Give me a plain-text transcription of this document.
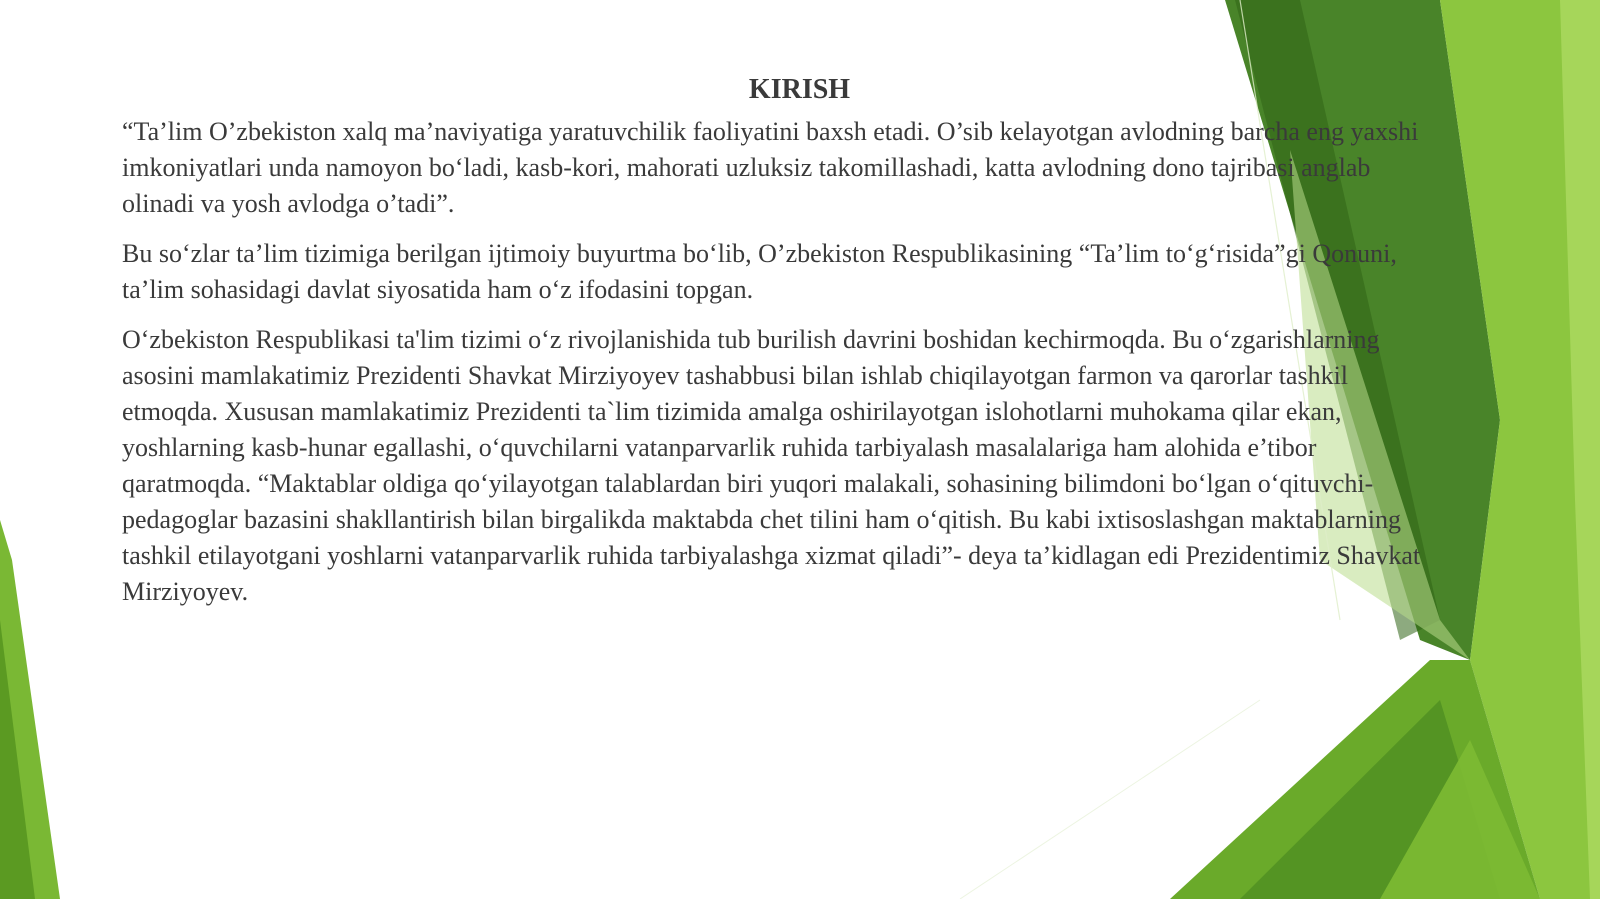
KIRISH

“Ta’lim O’zbekiston xalq ma’naviyatiga yaratuvchilik faoliyatini baxsh etadi. O’sib kelayotgan avlodning barcha eng yaxshi imkoniyatlari unda namoyon boʻladi, kasb-kori, mahorati uzluksiz takomillashadi, katta avlodning dono tajribasi anglab olinadi va yosh avlodga o’tadi”.

Bu soʻzlar taʼlim tizimiga berilgan ijtimoiy buyurtma boʻlib, O’zbekiston Respublikasining “Ta’lim toʻgʻrisida”gi Qonuni, taʼlim sohasidagi davlat siyosatida ham oʻz ifodasini topgan.

Oʻzbekiston Respublikasi ta'lim tizimi oʻz rivojlanishida tub burilish davrini boshidan kechirmoqda. Bu oʻzgarishlarning asosini mamlakatimiz Prezidenti Shavkat Mirziyoyev tashabbusi bilan ishlab chiqilayotgan farmon va qarorlar tashkil etmoqda. Xususan mamlakatimiz Prezidenti ta`lim tizimida amalga oshirilayotgan islohotlarni muhokama qilar ekan, yoshlarning kasb-hunar egallashi, oʻquvchilarni vatanparvarlik ruhida tarbiyalash masalalariga ham alohida e’tibor qaratmoqda. “Maktablar oldiga qoʻyilayotgan talablardan biri yuqori malakali, sohasining bilimdoni boʻlgan oʻqituvchi-pedagoglar bazasini shakllantirish bilan birgalikda maktabda chet tilini ham oʻqitish. Bu kabi ixtisoslashgan maktablarning tashkil etilayotgani yoshlarni vatanparvarlik ruhida tarbiyalashga xizmat qiladi”- deya ta’kidlagan edi Prezidentimiz Shavkat Mirziyoyev.
